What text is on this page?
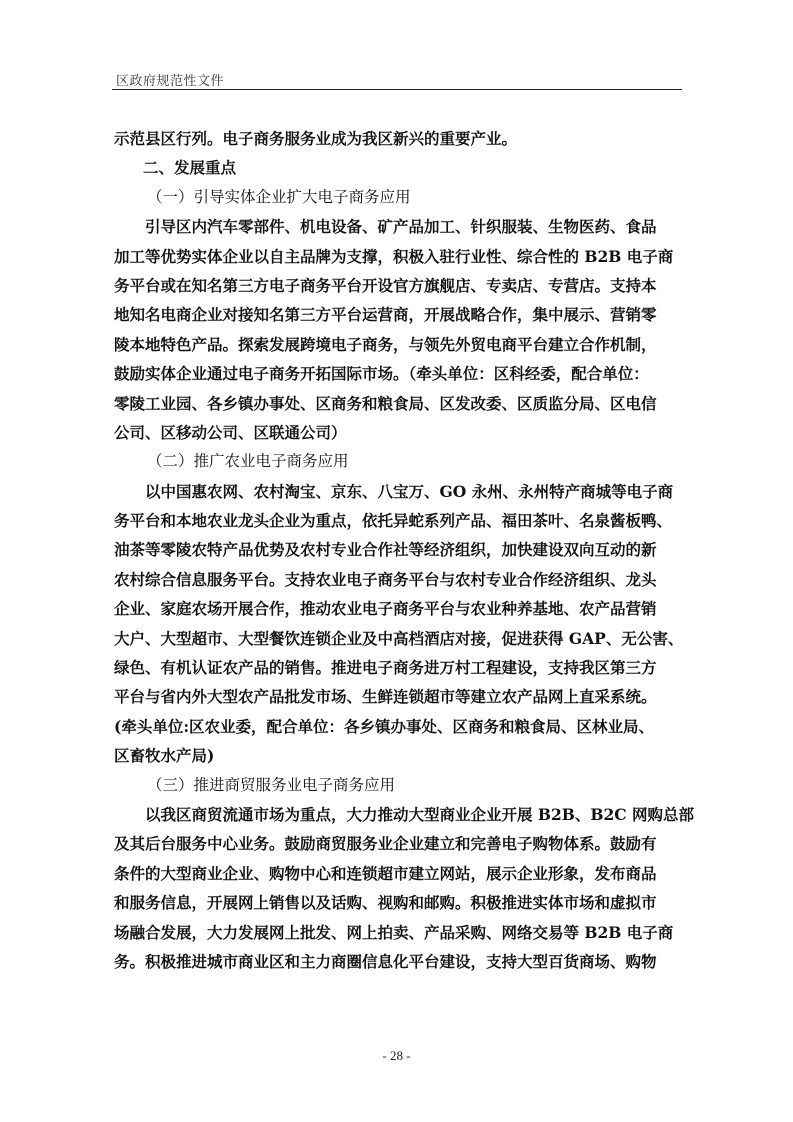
区政府规范性文件
示范县区行列。电子商务服务业成为我区新兴的重要产业。
二、发展重点
（一）引导实体企业扩大电子商务应用
　　引导区内汽车零部件、机电设备、矿产品加工、针织服装、生物医药、食品
加工等优势实体企业以自主品牌为支撑，积极入驻行业性、综合性的 B2B 电子商
务平台或在知名第三方电子商务平台开设官方旗舰店、专卖店、专营店。支持本
地知名电商企业对接知名第三方平台运营商，开展战略合作，集中展示、营销零
陵本地特色产品。探索发展跨境电子商务，与领先外贸电商平台建立合作机制，
鼓励实体企业通过电子商务开拓国际市场。（牵头单位：区科经委，配合单位：
零陵工业园、各乡镇办事处、区商务和粮食局、区发改委、区质监分局、区电信
公司、区移动公司、区联通公司）
（二）推广农业电子商务应用
　　以中国惠农网、农村淘宝、京东、八宝万、GO 永州、永州特产商城等电子商
务平台和本地农业龙头企业为重点，依托异蛇系列产品、福田茶叶、名泉酱板鸭、
油茶等零陵农特产品优势及农村专业合作社等经济组织，加快建设双向互动的新
农村综合信息服务平台。支持农业电子商务平台与农村专业合作经济组织、龙头
企业、家庭农场开展合作，推动农业电子商务平台与农业种养基地、农产品营销
大户、大型超市、大型餐饮连锁企业及中高档酒店对接，促进获得 GAP、无公害、
绿色、有机认证农产品的销售。推进电子商务进万村工程建设，支持我区第三方
平台与省内外大型农产品批发市场、生鲜连锁超市等建立农产品网上直采系统。
(牵头单位:区农业委，配合单位：各乡镇办事处、区商务和粮食局、区林业局、
区畜牧水产局)
（三）推进商贸服务业电子商务应用
　　以我区商贸流通市场为重点，大力推动大型商业企业开展 B2B、B2C 网购总部
及其后台服务中心业务。鼓励商贸服务业企业建立和完善电子购物体系。鼓励有
条件的大型商业企业、购物中心和连锁超市建立网站，展示企业形象，发布商品
和服务信息，开展网上销售以及话购、视购和邮购。积极推进实体市场和虚拟市
场融合发展，大力发展网上批发、网上拍卖、产品采购、网络交易等 B2B 电子商
务。积极推进城市商业区和主力商圈信息化平台建设，支持大型百货商场、购物
- 28 -
